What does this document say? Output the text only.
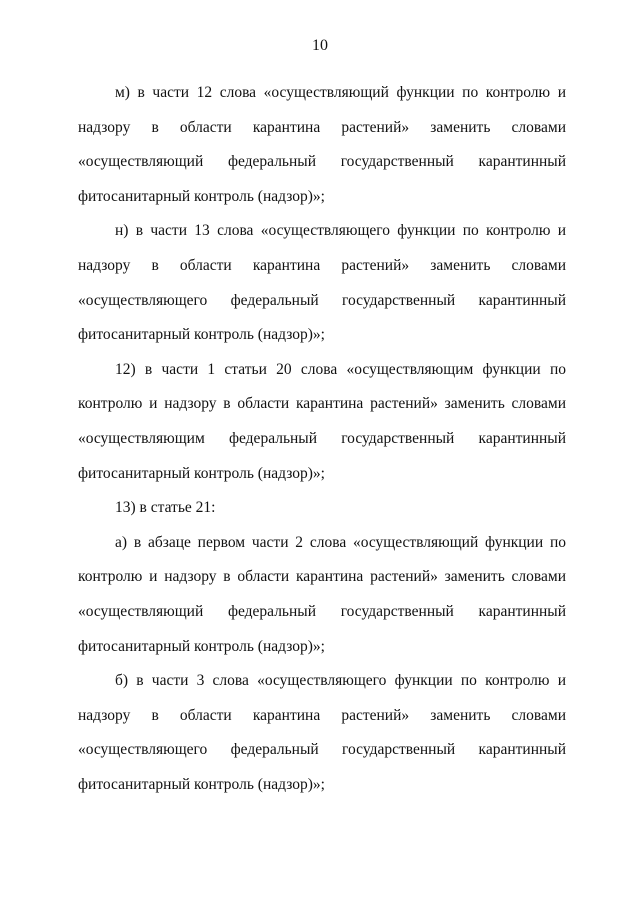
10
м) в части 12 слова «осуществляющий функции по контролю и
надзору в области карантина растений» заменить словами
«осуществляющий федеральный государственный карантинный
фитосанитарный контроль (надзор)»;
н) в части 13 слова «осуществляющего функции по контролю и
надзору в области карантина растений» заменить словами
«осуществляющего федеральный государственный карантинный
фитосанитарный контроль (надзор)»;
12) в части 1 статьи 20 слова «осуществляющим функции по
контролю и надзору в области карантина растений» заменить словами
«осуществляющим федеральный государственный карантинный
фитосанитарный контроль (надзор)»;
13) в статье 21:
а) в абзаце первом части 2 слова «осуществляющий функции по
контролю и надзору в области карантина растений» заменить словами
«осуществляющий федеральный государственный карантинный
фитосанитарный контроль (надзор)»;
б) в части 3 слова «осуществляющего функции по контролю и
надзору в области карантина растений» заменить словами
«осуществляющего федеральный государственный карантинный
фитосанитарный контроль (надзор)»;
